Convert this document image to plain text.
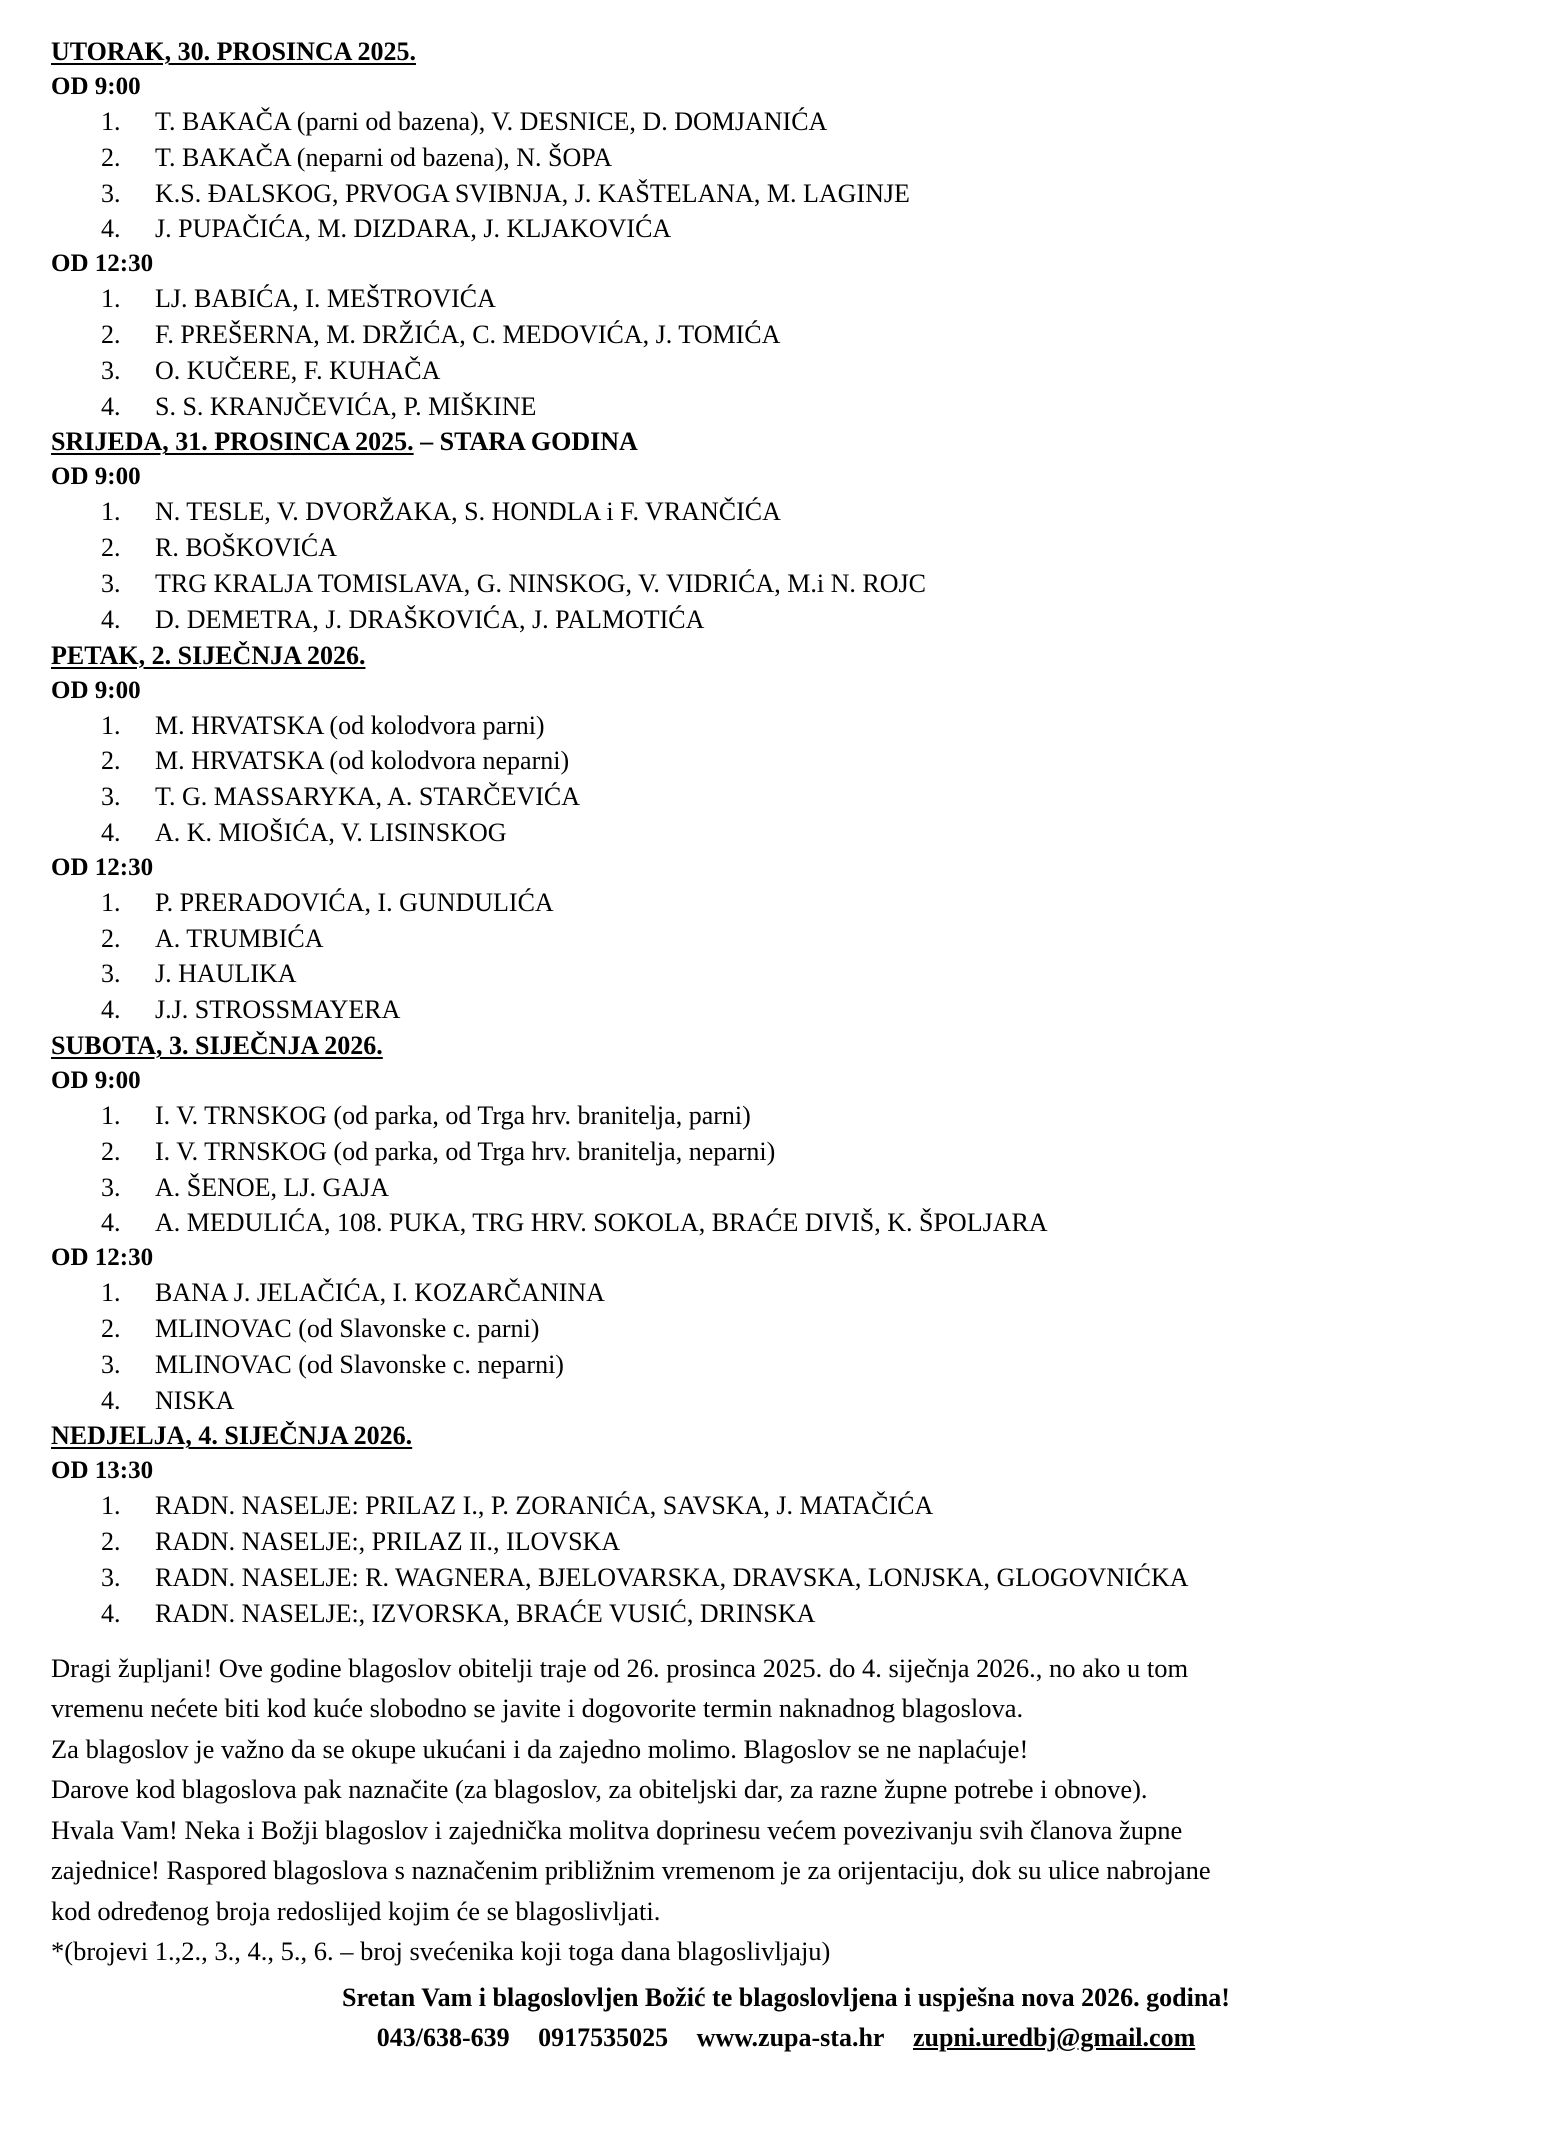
UTORAK, 30. PROSINCA 2025.
OD 9:00
1.	T. BAKAČA (parni od bazena), V. DESNICE, D. DOMJANIĆA
2.	T. BAKAČA (neparni od bazena), N. ŠOPA
3.	K.S. ĐALSKOG, PRVOGA SVIBNJA, J. KAŠTELANA, M. LAGINJE
4.	J. PUPAČIĆA, M. DIZDARA, J. KLJAKOVIĆA
OD 12:30
1.	LJ. BABIĆA, I. MEŠTROVIĆA
2.	F. PREŠERNA, M. DRŽIĆA, C. MEDOVIĆA, J. TOMIĆA
3.	O. KUČERE, F. KUHAČA
4.	S. S. KRANJČEVIĆA, P. MIŠKINE
SRIJEDA, 31. PROSINCA 2025. – STARA GODINA
OD 9:00
1.	N. TESLE, V. DVORŽAKA, S. HONDLA i F. VRANČIĆA
2.	R. BOŠKOVIĆA
3.	TRG KRALJA TOMISLAVA, G. NINSKOG, V. VIDRIĆA, M.i N. ROJC
4.	D. DEMETRA, J. DRAŠKOVIĆA, J. PALMOTIĆA
PETAK, 2. SIJEČNJA 2026.
OD 9:00
1.	M. HRVATSKA (od kolodvora parni)
2.	M. HRVATSKA (od kolodvora neparni)
3.	T. G. MASSARYKA, A. STARČEVIĆA
4.	A. K. MIOŠIĆA, V. LISINSKOG
OD 12:30
1.	P. PRERADOVIĆA, I. GUNDULIĆA
2.	A. TRUMBIĆA
3.	J. HAULIKA
4.	J.J. STROSSMAYERA
SUBOTA, 3. SIJEČNJA 2026.
OD 9:00
1.	I. V. TRNSKOG (od parka, od Trga hrv. branitelja, parni)
2.	I. V. TRNSKOG (od parka, od Trga hrv. branitelja, neparni)
3.	A. ŠENOE, LJ. GAJA
4.	A. MEDULIĆA, 108. PUKA, TRG HRV. SOKOLA, BRAĆE DIVIŠ, K. ŠPOLJARA
OD 12:30
1.	BANA J. JELAČIĆA, I. KOZARČANINA
2.	MLINOVAC (od Slavonske c. parni)
3.	MLINOVAC (od Slavonske c. neparni)
4.	NISKA
NEDJELJA, 4. SIJEČNJA 2026.
OD 13:30
1.	RADN. NASELJE: PRILAZ I., P. ZORANIĆA, SAVSKA, J. MATAČIĆA
2.	RADN. NASELJE:, PRILAZ II., ILOVSKA
3.	RADN. NASELJE: R. WAGNERA, BJELOVARSKA, DRAVSKA, LONJSKA, GLOGOVNIĆKA
4.	RADN. NASELJE:, IZVORSKA, BRAĆE VUSIĆ, DRINSKA

Dragi župljani! Ove godine blagoslov obitelji traje od 26. prosinca 2025. do 4. siječnja 2026., no ako u tom

vremenu nećete biti kod kuće slobodno se javite i dogovorite termin naknadnog blagoslova.

Za blagoslov je važno da se okupe ukućani i da zajedno molimo. Blagoslov se ne naplaćuje!

Darove kod blagoslova pak naznačite (za blagoslov, za obiteljski dar, za razne župne potrebe i obnove).

Hvala Vam! Neka i Božji blagoslov i zajednička molitva doprinesu većem povezivanju svih članova župne

zajednice! Raspored blagoslova s naznačenim približnim vremenom je za orijentaciju, dok su ulice nabrojane

kod određenog broja redoslijed kojim će se blagoslivljati.

*(brojevi 1.,2., 3., 4., 5., 6. – broj svećenika koji toga dana blagoslivljaju)

Sretan Vam i blagoslovljen Božić te blagoslovljena i uspješna nova 2026. godina!
043/638-639 0917535025 www.zupa-sta.hr zupni.uredbj@gmail.com
